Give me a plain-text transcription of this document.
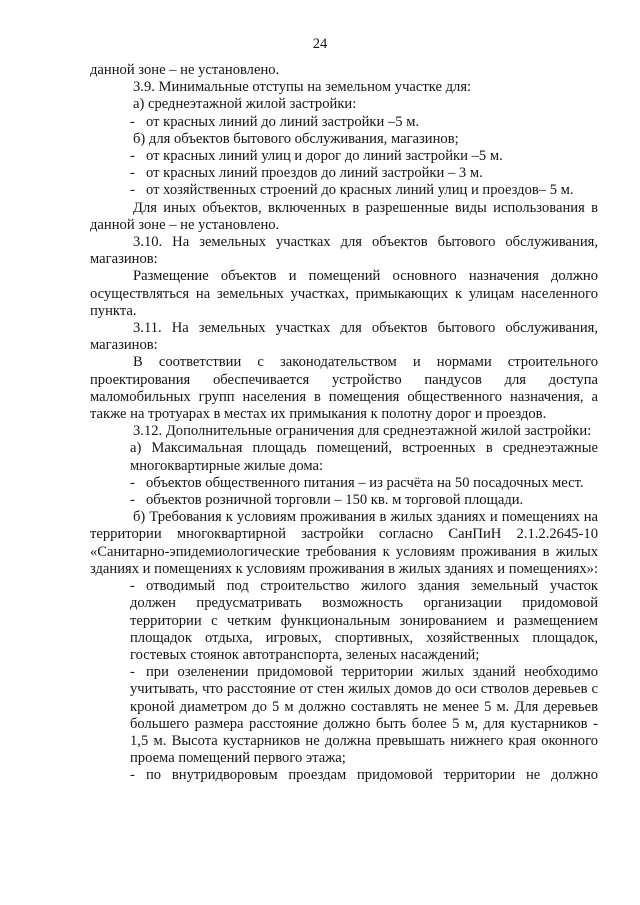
24

данной зоне – не установлено.

3.9. Минимальные отступы на земельном участке для:

а) среднеэтажной жилой застройки:

- от красных линий до линий застройки –5 м.

б) для объектов бытового обслуживания, магазинов;

- от красных линий улиц и дорог до линий застройки –5 м.

- от красных линий проездов до линий застройки – 3 м.

- от хозяйственных строений до красных линий улиц и проездов– 5 м.

Для иных объектов, включенных в разрешенные виды использования в данной зоне – не установлено.

3.10. На земельных участках для объектов бытового обслуживания, магазинов:

Размещение объектов и помещений основного назначения должно осуществляться на земельных участках, примыкающих к улицам населенного пункта.

3.11. На земельных участках для объектов бытового обслуживания, магазинов:

В соответствии с законодательством и нормами строительного проектирования обеспечивается устройство пандусов для доступа маломобильных групп населения в помещения общественного назначения, а также на тротуарах в местах их примыкания к полотну дорог и проездов.

3.12. Дополнительные ограничения для среднеэтажной жилой застройки:

а) Максимальная площадь помещений, встроенных в среднеэтажные многоквартирные жилые дома:

- объектов общественного питания – из расчёта на 50 посадочных мест.

- объектов розничной торговли – 150 кв. м торговой площади.

б) Требования к условиям проживания в жилых зданиях и помещениях на территории многоквартирной застройки согласно СанПиН 2.1.2.2645-10 «Санитарно-эпидемиологические требования к условиям проживания в жилых зданиях и помещениях к условиям проживания в жилых зданиях и помещениях»:

- отводимый под строительство жилого здания земельный участок должен предусматривать возможность организации придомовой территории с четким функциональным зонированием и размещением площадок отдыха, игровых, спортивных, хозяйственных площадок, гостевых стоянок автотранспорта, зеленых насаждений;

- при озеленении придомовой территории жилых зданий необходимо учитывать, что расстояние от стен жилых домов до оси стволов деревьев с кроной диаметром до 5 м должно составлять не менее 5 м. Для деревьев большего размера расстояние должно быть более 5 м, для кустарников - 1,5 м. Высота кустарников не должна превышать нижнего края оконного проема помещений первого этажа;

- по внутридворовым проездам придомовой территории не должно
